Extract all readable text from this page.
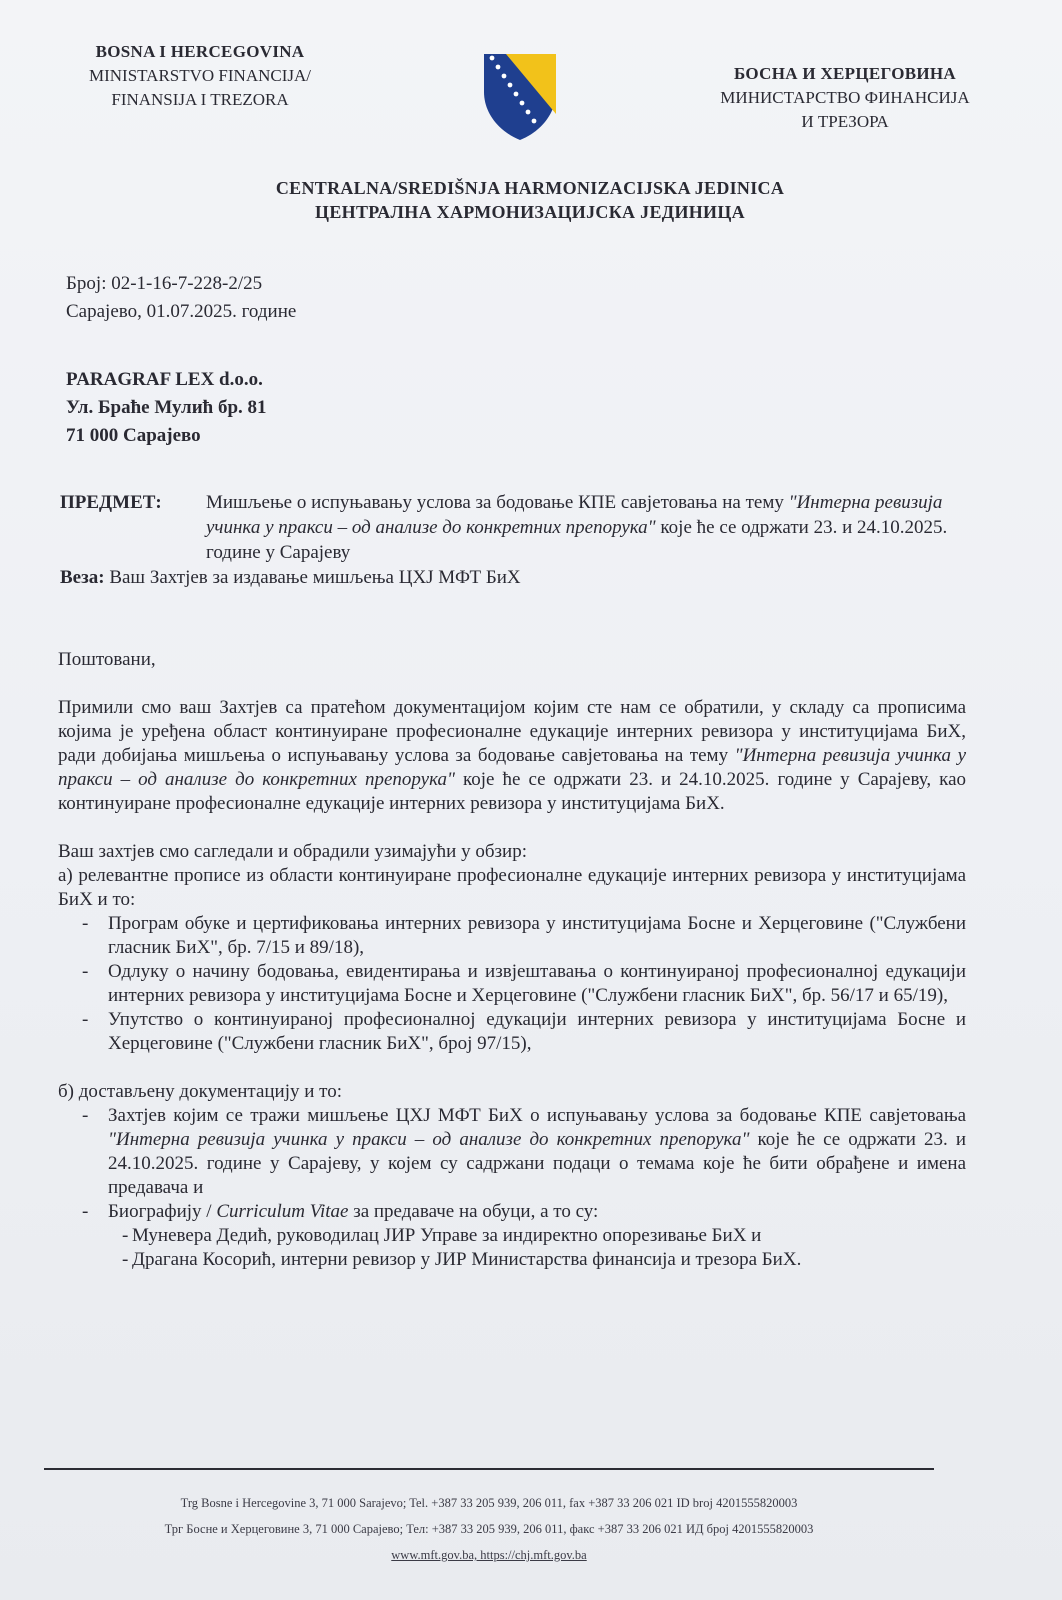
BOSNA I HERCEGOVINA
MINISTARSTVO FINANCIJA/
FINANSIJA I TREZORA
БОСНА И ХЕРЦЕГОВИНА
МИНИСТАРСТВО ФИНАНСИЈА
И ТРЕЗОРА
CENTRALNA/SREDIŠNJA HARMONIZACIJSKA JEDINICA
ЦЕНТРАЛНА ХАРМОНИЗАЦИЈСКА ЈЕДИНИЦА
Број: 02-1-16-7-228-2/25
Сарајево, 01.07.2025. године
PARAGRAF LEX d.o.o.
Ул. Браће Мулић бр. 81
71 000 Сарајево
ПРЕДМЕТ: Мишљење о испуњавању услова за бодовање КПЕ савјетовања на тему "Интерна ревизија учинка у пракси – од анализе до конкретних препорука" које ће се одржати 23. и 24.10.2025. године у Сарајеву
Веза: Ваш Захтјев за издавање мишљења ЦХЈ МФТ БиХ

Поштовани,

Примили смо ваш Захтјев са пратећом документацијом којим сте нам се обратили, у складу са прописима којима је уређена област континуиране професионалне едукације интерних ревизора у институцијама БиХ, ради добијања мишљења о испуњавању услова за бодовање савјетовања на тему "Интерна ревизија учинка у пракси – од анализе до конкретних препорука" које ће се одржати 23. и 24.10.2025. године у Сарајеву, као континуиране професионалне едукације интерних ревизора у институцијама БиХ.

Ваш захтјев смо сагледали и обрадили узимајући у обзир:
а) релевантне прописе из области континуиране професионалне едукације интерних ревизора у институцијама БиХ и то:
- Програм обуке и цертификовања интерних ревизора у институцијама Босне и Херцеговине ("Службени гласник БиХ", бр. 7/15 и 89/18),
- Одлуку о начину бодовања, евидентирања и извјештавања о континуираној професионалној едукацији интерних ревизора у институцијама Босне и Херцеговине ("Службени гласник БиХ", бр. 56/17 и 65/19),
- Упутство о континуираној професионалној едукацији интерних ревизора у институцијама Босне и Херцеговине ("Службени гласник БиХ", број 97/15),
б) достављену документацију и то:
- Захтјев којим се тражи мишљење ЦХЈ МФТ БиХ о испуњавању услова за бодовање КПЕ савјетовања "Интерна ревизија учинка у пракси – од анализе до конкретних препорука" које ће се одржати 23. и 24.10.2025. године у Сарајеву, у којем су садржани подаци о темама које ће бити обрађене и имена предавача и
- Биографију / Curriculum Vitae за предаваче на обуци, а то су:
- Муневера Дедић, руководилац ЈИР Управе за индиректно опорезивање БиХ и
- Драгана Косорић, интерни ревизор у ЈИР Министарства финансија и трезора БиХ.
Trg Bosne i Hercegovine 3, 71 000 Sarajevo; Tel. +387 33 205 939, 206 011, fax +387 33 206 021 ID broj 4201555820003
Трг Босне и Херцеговине 3, 71 000 Сарајево; Тел: +387 33 205 939, 206 011, факс +387 33 206 021 ИД број 4201555820003
www.mft.gov.ba, https://chj.mft.gov.ba
